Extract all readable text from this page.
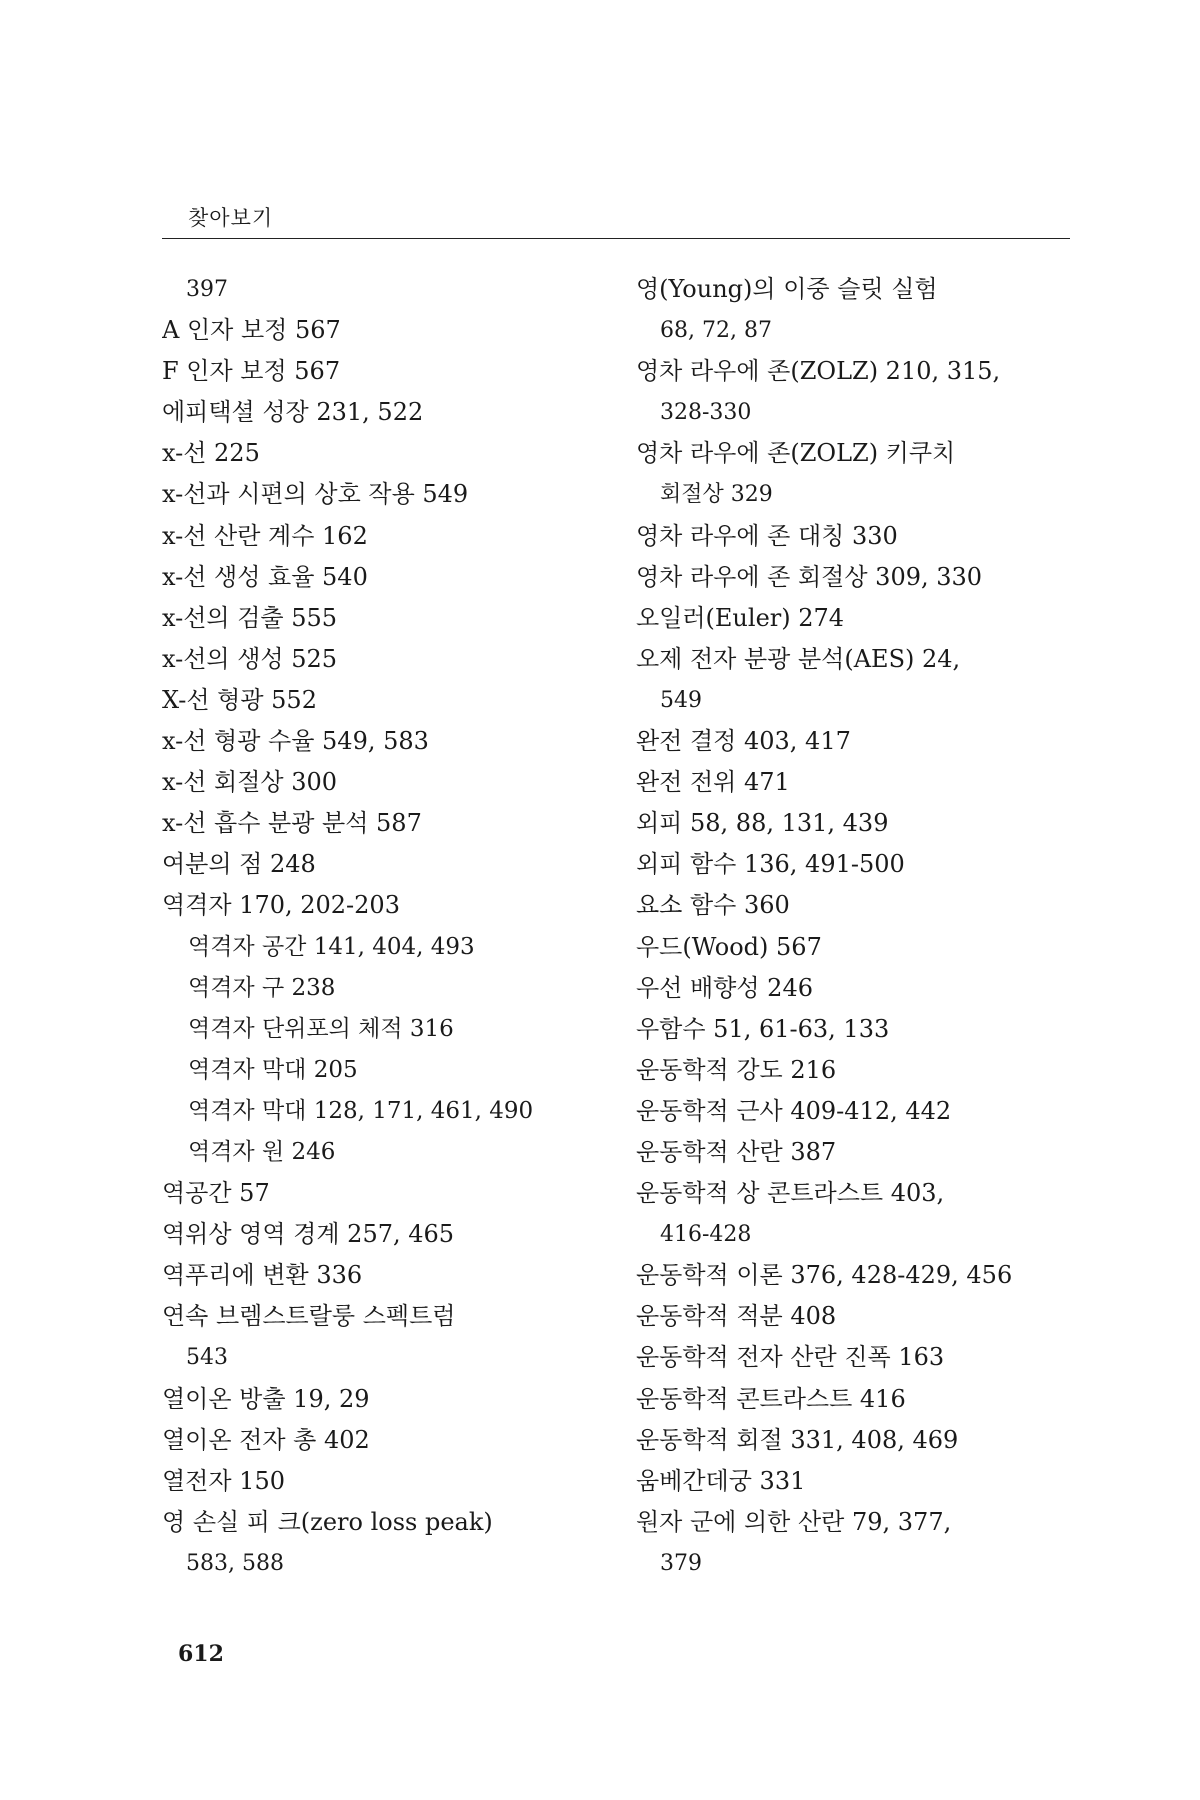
찾아보기
397
A 인자 보정 567
F 인자 보정 567
에피택셜 성장 231, 522
x-선 225
x-선과 시편의 상호 작용 549
x-선 산란 계수 162
x-선 생성 효율 540
x-선의 검출 555
x-선의 생성 525
X-선 형광 552
x-선 형광 수율 549, 583
x-선 회절상 300
x-선 흡수 분광 분석 587
여분의 점 248
역격자 170, 202-203
역격자 공간 141, 404, 493
역격자 구 238
역격자 단위포의 체적 316
역격자 막대 205
역격자 막대 128, 171, 461, 490
역격자 원 246
역공간 57
역위상 영역 경계 257, 465
역푸리에 변환 336
연속 브렘스트랄룽 스펙트럼
543
열이온 방출 19, 29
열이온 전자 총 402
열전자 150
영 손실 피 크(zero loss peak)
583, 588
영(Young)의 이중 슬릿 실험
68, 72, 87
영차 라우에 존(ZOLZ) 210, 315,
328-330
영차 라우에 존(ZOLZ) 키쿠치
회절상 329
영차 라우에 존 대칭 330
영차 라우에 존 회절상 309, 330
오일러(Euler) 274
오제 전자 분광 분석(AES) 24,
549
완전 결정 403, 417
완전 전위 471
외피 58, 88, 131, 439
외피 함수 136, 491-500
요소 함수 360
우드(Wood) 567
우선 배향성 246
우함수 51, 61-63, 133
운동학적 강도 216
운동학적 근사 409-412, 442
운동학적 산란 387
운동학적 상 콘트라스트 403,
416-428
운동학적 이론 376, 428-429, 456
운동학적 적분 408
운동학적 전자 산란 진폭 163
운동학적 콘트라스트 416
운동학적 회절 331, 408, 469
움베간데궁 331
원자 군에 의한 산란 79, 377,
379
612
